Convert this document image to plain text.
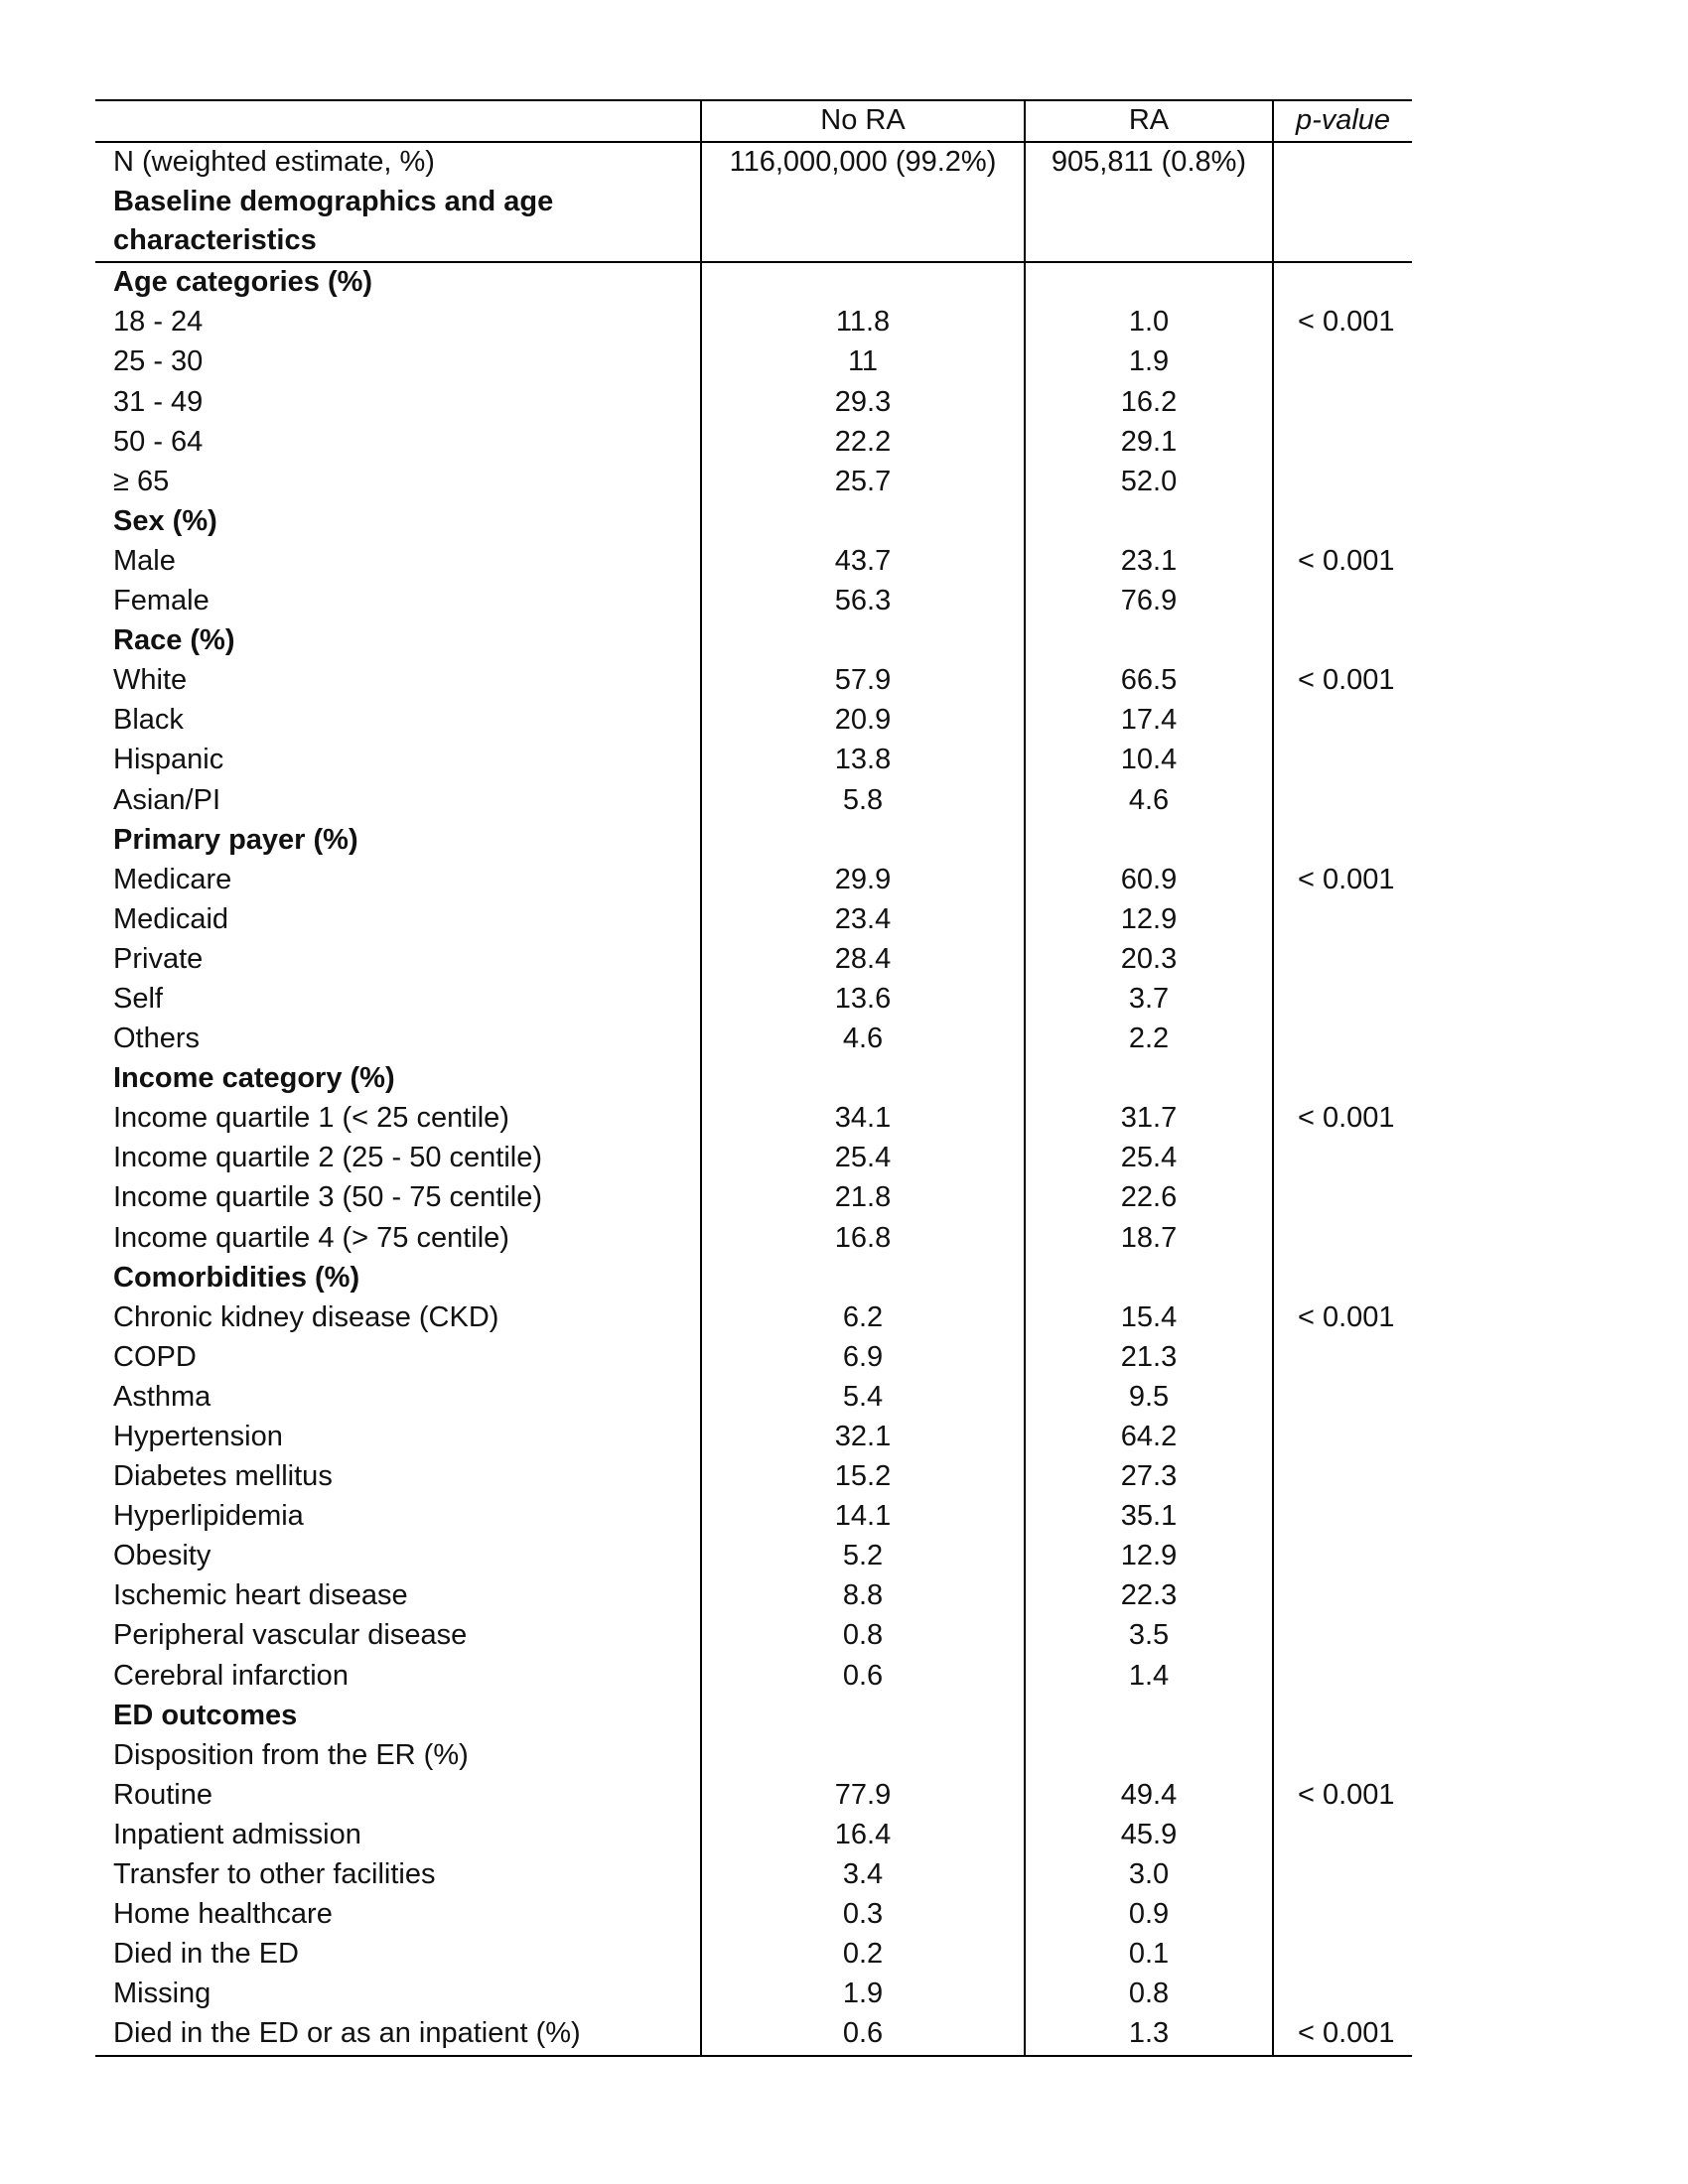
	No RA	RA	p-value
N (weighted estimate, %)	116,000,000 (99.2%)	905,811 (0.8%)	
Baseline demographics and age characteristics			
Age categories (%)			
18 - 24	11.8	1.0	< 0.001
25 - 30	11	1.9	
31 - 49	29.3	16.2	
50 - 64	22.2	29.1	
≥ 65	25.7	52.0	
Sex (%)			
Male	43.7	23.1	< 0.001
Female	56.3	76.9	
Race (%)			
White	57.9	66.5	< 0.001
Black	20.9	17.4	
Hispanic	13.8	10.4	
Asian/PI	5.8	4.6	
Primary payer (%)			
Medicare	29.9	60.9	< 0.001
Medicaid	23.4	12.9	
Private	28.4	20.3	
Self	13.6	3.7	
Others	4.6	2.2	
Income category (%)			
Income quartile 1 (< 25 centile)	34.1	31.7	< 0.001
Income quartile 2 (25 - 50 centile)	25.4	25.4	
Income quartile 3 (50 - 75 centile)	21.8	22.6	
Income quartile 4 (> 75 centile)	16.8	18.7	
Comorbidities (%)			
Chronic kidney disease (CKD)	6.2	15.4	< 0.001
COPD	6.9	21.3	
Asthma	5.4	9.5	
Hypertension	32.1	64.2	
Diabetes mellitus	15.2	27.3	
Hyperlipidemia	14.1	35.1	
Obesity	5.2	12.9	
Ischemic heart disease	8.8	22.3	
Peripheral vascular disease	0.8	3.5	
Cerebral infarction	0.6	1.4	
ED outcomes			
Disposition from the ER (%)			
Routine	77.9	49.4	< 0.001
Inpatient admission	16.4	45.9	
Transfer to other facilities	3.4	3.0	
Home healthcare	0.3	0.9	
Died in the ED	0.2	0.1	
Missing	1.9	0.8	
Died in the ED or as an inpatient (%)	0.6	1.3	< 0.001
